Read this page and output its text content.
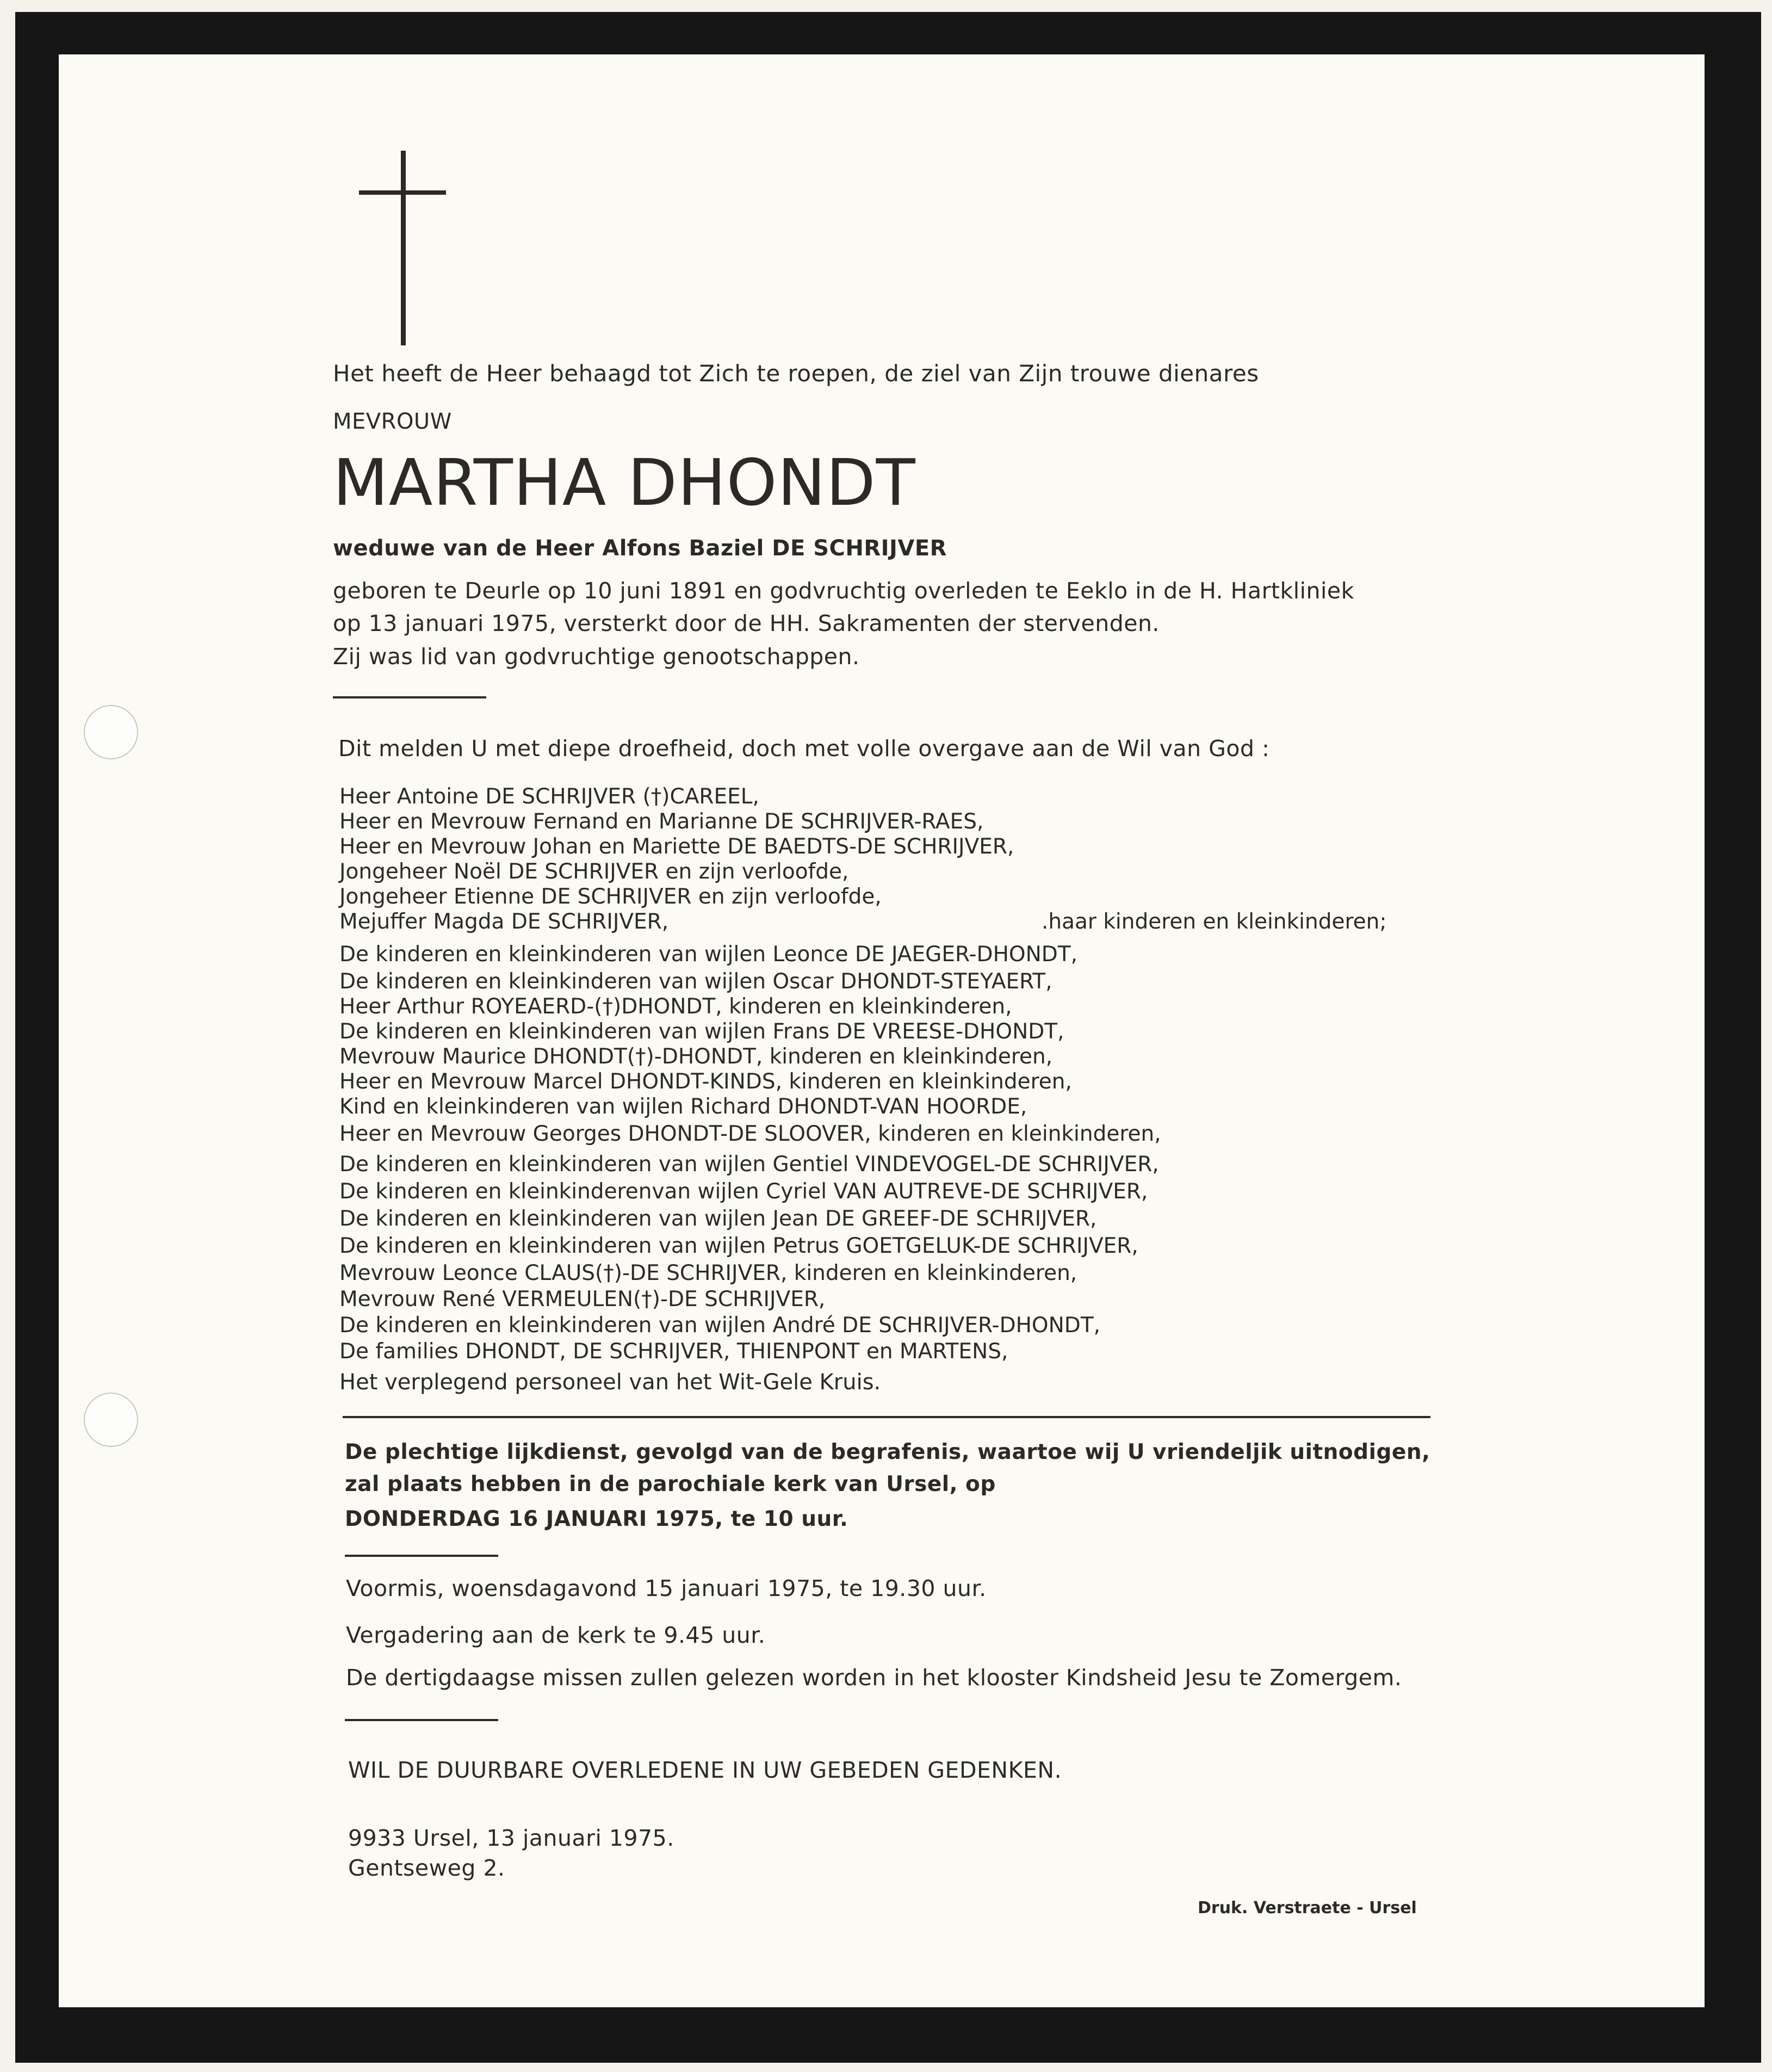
Het heeft de Heer behaagd tot Zich te roepen, de ziel van Zijn trouwe dienares
MEVROUW
MARTHA DHONDT
weduwe van de Heer Alfons Baziel DE SCHRIJVER
geboren te Deurle op 10 juni 1891 en godvruchtig overleden te Eeklo in de H. Hartkliniek
op 13 januari 1975, versterkt door de HH. Sakramenten der stervenden.
Zij was lid van godvruchtige genootschappen.
Dit melden U met diepe droefheid, doch met volle overgave aan de Wil van God :
Heer Antoine DE SCHRIJVER (†)CAREEL,
Heer en Mevrouw Fernand en Marianne DE SCHRIJVER-RAES,
Heer en Mevrouw Johan en Mariette DE BAEDTS-DE SCHRIJVER,
Jongeheer Noël DE SCHRIJVER en zijn verloofde,
Jongeheer Etienne DE SCHRIJVER en zijn verloofde,
Mejuffer Magda DE SCHRIJVER,	.haar kinderen en kleinkinderen;
De kinderen en kleinkinderen van wijlen Leonce DE JAEGER-DHONDT,
De kinderen en kleinkinderen van wijlen Oscar DHONDT-STEYAERT,
Heer Arthur ROYEAERD-(†)DHONDT, kinderen en kleinkinderen,
De kinderen en kleinkinderen van wijlen Frans DE VREESE-DHONDT,
Mevrouw Maurice DHONDT(†)-DHONDT, kinderen en kleinkinderen,
Heer en Mevrouw Marcel DHONDT-KINDS, kinderen en kleinkinderen,
Kind en kleinkinderen van wijlen Richard DHONDT-VAN HOORDE,
Heer en Mevrouw Georges DHONDT-DE SLOOVER, kinderen en kleinkinderen,
De kinderen en kleinkinderen van wijlen Gentiel VINDEVOGEL-DE SCHRIJVER,
De kinderen en kleinkinderenvan wijlen Cyriel VAN AUTREVE-DE SCHRIJVER,
De kinderen en kleinkinderen van wijlen Jean DE GREEF-DE SCHRIJVER,
De kinderen en kleinkinderen van wijlen Petrus GOETGELUK-DE SCHRIJVER,
Mevrouw Leonce CLAUS(†)-DE SCHRIJVER, kinderen en kleinkinderen,
Mevrouw René VERMEULEN(†)-DE SCHRIJVER,
De kinderen en kleinkinderen van wijlen André DE SCHRIJVER-DHONDT,
De families DHONDT, DE SCHRIJVER, THIENPONT en MARTENS,
Het verplegend personeel van het Wit-Gele Kruis.
De plechtige lijkdienst, gevolgd van de begrafenis, waartoe wij U vriendeljik uitnodigen,
zal plaats hebben in de parochiale kerk van Ursel, op
DONDERDAG 16 JANUARI 1975, te 10 uur.
Voormis, woensdagavond 15 januari 1975, te 19.30 uur.
Vergadering aan de kerk te 9.45 uur.
De dertigdaagse missen zullen gelezen worden in het klooster Kindsheid Jesu te Zomergem.
WIL DE DUURBARE OVERLEDENE IN UW GEBEDEN GEDENKEN.
9933 Ursel, 13 januari 1975.
Gentseweg 2.
Druk. Verstraete - Ursel
